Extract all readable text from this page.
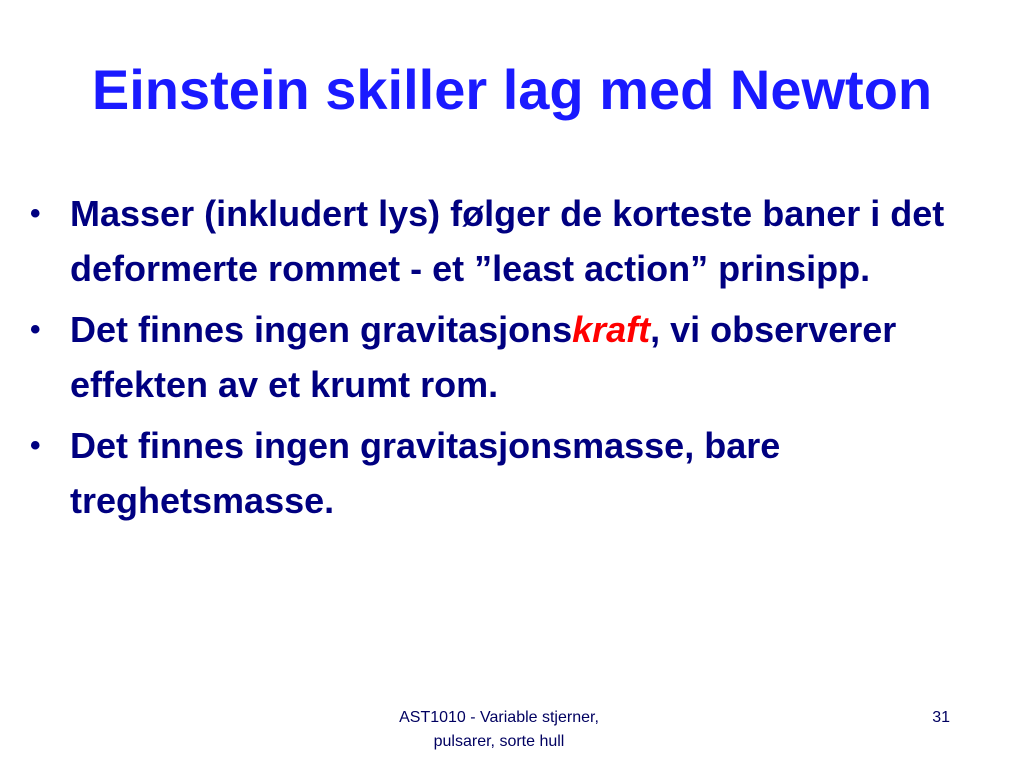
Einstein skiller lag med Newton
• Masser (inkludert lys) følger de korteste baner i det deformerte rommet - et ”least action” prinsipp.
• Det finnes ingen gravitasjonskraft, vi observerer effekten av et krumt rom.
• Det finnes ingen gravitasjonsmasse, bare treghetsmasse.
AST1010 - Variable stjerner,
pulsarer, sorte hull
31
